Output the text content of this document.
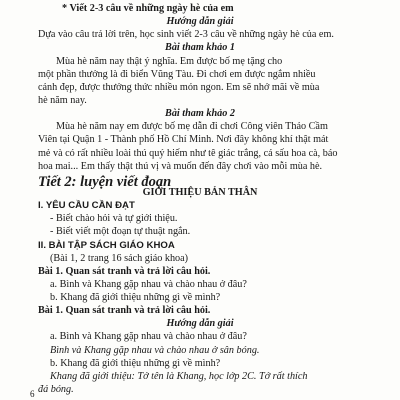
* Viết 2-3 câu về những ngày hè của em
Hướng dẫn giải
Dựa vào câu trả lời trên, học sinh viết 2-3 câu về những ngày hè của em.
Bài tham khảo 1
Mùa hè năm nay thật ý nghĩa. Em được bố mẹ tặng cho
một phần thưởng là đi biển Vũng Tàu. Đi chơi em được ngắm nhiều
cảnh đẹp, được thưởng thức nhiều món ngon. Em sẽ nhớ mãi về mùa
hè năm nay.
Bài tham khảo 2
Mùa hè năm nay em được bố mẹ dẫn đi chơi Công viên Thảo Cầm
Viên tại Quận 1 - Thành phố Hồ Chí Minh. Nơi đây không khí thật mát
mẻ và có rất nhiều loài thú quý hiếm như tê giác trắng, cá sấu hoa cà, báo
hoa mai... Em thấy thật thú vị và muốn đến đây chơi vào mỗi mùa hè.
Tiết 2: luyện viết đoạn
GIỚI THIỆU BẢN THÂN
I. YÊU CẦU CẦN ĐẠT
- Biết chào hỏi và tự giới thiệu.
- Biết viết một đoạn tự thuật ngắn.
II. BÀI TẬP SÁCH GIÁO KHOA
(Bài 1, 2 trang 16 sách giáo khoa)
Bài 1. Quan sát tranh và trả lời câu hỏi.
a. Bình và Khang gặp nhau và chào nhau ở đâu?
b. Khang đã giới thiệu những gì về mình?
Bài 1. Quan sát tranh và trả lời câu hỏi.
Hướng dẫn giải
a. Bình và Khang gặp nhau và chào nhau ở đâu?
Bình và Khang gặp nhau và chào nhau ở sân bóng.
b. Khang đã giới thiệu những gì về mình?
Khang đã giới thiệu: Tớ tên là Khang, học lớp 2C. Tớ rất thích
đá bóng.
6
